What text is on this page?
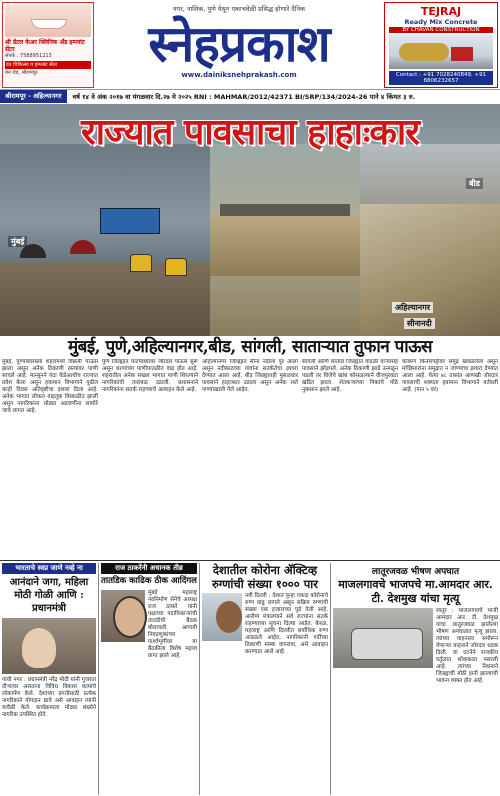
श्री डेंटल केअर क्लिनिक अँड इम्प्लांट सेंटर
संपर्क : 7588951213
दंत चिकित्सा व इम्प्लांट सेंटर
मेन रोड, श्रीरामपूर
नगर, नाशिक, पुणे येथून एकाचवेळी प्रसिद्ध होणारे दैनिक
स्नेहप्रकाश
www.dainiksnehprakash.com
TEJRAJ
Ready Mix Concrete
BY CHAVAN CONSTRUCTION
Contact : +91 7028240849, +91 8806232657
श्रीरामपूर - अहिल्यानगर	वर्ष १४ वे अंक २०१७ वा मंगळवार दि.२७ मे २०२५ RNI : MAHMAR/2012/42371 BI/SRP/134/2024-26 पाने ४ किंमत ३ रु.
राज्यात पावसाचा हाहाःकार
मुंबई
बीड
अहिल्यानगर
सीनानदी
मुंबई, पुणे,अहिल्यानगर,बीड, सांगली, साताऱ्यात तुफान पाऊस

मुंबई, पुण्यासारख्या शहरांमध्ये विक्रमी पाऊस झाला असून अनेक ठिकाणी रस्त्यांवर पाणी साचले आहे. मान्सूनने यंदा वेळेआधीच राज्यात प्रवेश केला असून हवामान विभागाने पुढील काही दिवस अतिवृष्टीचा इशारा दिला आहे. अनेक भागात लोकल वाहतूक विस्कळीत झाली असून नागरिकांना मोठ्या अडचणींना सामोरे जावे लागत आहे.

पुणे जिल्ह्यात घाटमाथ्यावर जोरदार पाऊस सुरू असून धरणांच्या पाणीपातळीत वाढ होत आहे. शहरातील अनेक सखल भागात पाणी शिरल्याने नागरिकांची तारांबळ उडाली. प्रशासनाने नागरिकांना सतर्क राहण्याचे आवाहन केले आहे.

अहिल्यानगर जिल्ह्यात सीना नदीला पूर आला असून नदीकाठच्या गावांना सतर्कतेचा इशारा देण्यात आला आहे. बीड जिल्ह्यातही मुसळधार पावसाने हाहाःकार उडाला असून अनेक रस्ते पाण्याखाली गेले आहेत.

सांगली आणि सातारा जिल्ह्यात वादळी वाऱ्यासह पावसाने झोडपले. अनेक ठिकाणी झाडे उन्मळून पडली तर विजेचे खांब कोसळल्याने वीजपुरवठा खंडित झाला. शेतकऱ्यांच्या पिकांचे मोठे नुकसान झाले आहे.

कोकण किनारपट्टीवर समुद्र खवळलेला असून मच्छिमारांना समुद्रात न जाण्याचा इशारा देण्यात आला आहे. येत्या ४८ तासांत आणखी जोरदार पावसाची शक्यता हवामान विभागाने वर्तवली आहे. (पान ५ वर)

भारताचे स्वप्न जाणे नव्हे ना
आनंदाने जगा, महिला मोठी गोळी आणि : प्रधानमंत्री
गांधी नगर : प्रधानमंत्री नरेंद्र मोदी यांनी गुजरात दौऱ्यावर असताना विविध विकास कामांचे लोकार्पण केले. देशाच्या प्रगतीसाठी प्रत्येक नागरिकाने योगदान द्यावे असे आवाहन त्यांनी यावेळी केले. कार्यक्रमाला मोठ्या संख्येने नागरिक उपस्थित होते.
राज ठाकरेंनी अचानक तीव्र
तातडिक काढिक ठीक आदिंगल
मुंबई : महाराष्ट्र नवनिर्माण सेनेचे अध्यक्ष राज ठाकरे यांनी पक्षाच्या पदाधिकाऱ्यांची तातडीची बैठक बोलावली. आगामी निवडणुकांच्या पार्श्वभूमीवर या बैठकीला विशेष महत्त्व प्राप्त झाले आहे.
देशातील कोरोना ॲक्टिव्ह रुग्णांची संख्या १००० पार
नवी दिल्ली : देशात पुन्हा एकदा कोरोनाचे रुग्ण वाढू लागले असून सक्रिय रुग्णांची संख्या एक हजाराच्या पुढे गेली आहे. आरोग्य मंत्रालयाने सर्व राज्यांना सतर्क राहण्याच्या सूचना दिल्या आहेत. केरळ, महाराष्ट्र आणि दिल्लीत सर्वाधिक रुग्ण आढळले आहेत. नागरिकांनी गर्दीच्या ठिकाणी मास्क वापरावा, असे आवाहन करण्यात आले आहे.
लातूरजवळ भीषण अपघात
माजलगावचे भाजपचे मा.आमदार आर. टी. देशमुख यांचा मृत्यू
लातूर : माजलगावचे माजी आमदार आर. टी. देशमुख यांचा लातूरजवळ झालेल्या भीषण अपघातात मृत्यू झाला. त्यांच्या वाहनाला समोरून येणाऱ्या वाहनाने जोरदार धडक दिली. या घटनेने राजकीय वर्तुळात शोककळा पसरली आहे. त्यांच्या निधनाने जिल्ह्याची मोठी हानी झाल्याची भावना व्यक्त होत आहे.
